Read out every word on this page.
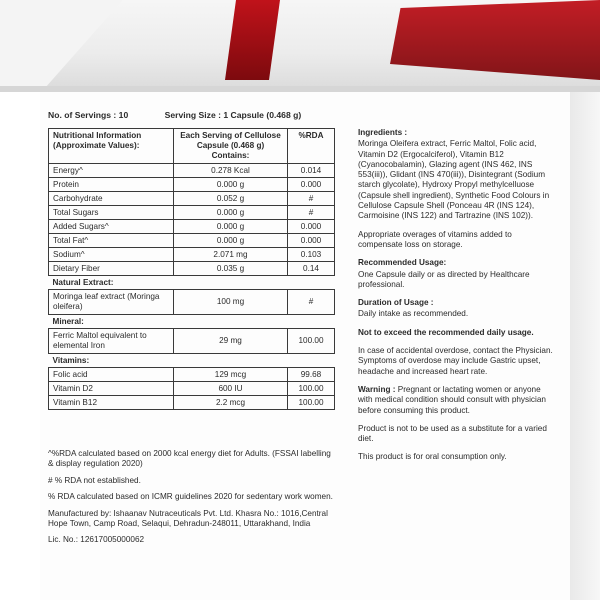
No. of Servings : 10	Serving Size : 1 Capsule (0.468 g)
Nutritional Information (Approximate Values):	Each Serving of Cellulose Capsule (0.468 g) Contains:	%RDA
Energy^	0.278 Kcal	0.014
Protein	0.000 g	0.000
Carbohydrate	0.052 g	#
Total Sugars	0.000 g	#
Added Sugars^	0.000 g	0.000
Total Fat^	0.000 g	0.000
Sodium^	2.071 mg	0.103
Dietary Fiber	0.035 g	0.14
Natural Extract:		
Moringa leaf extract (Moringa oleifera)	100 mg	#
Mineral:		
Ferric Maltol equivalent to elemental Iron	29 mg	100.00
Vitamins:		
Folic acid	129 mcg	99.68
Vitamin D2	600 IU	100.00
Vitamin B12	2.2 mcg	100.00

^%RDA calculated based on 2000 kcal energy diet for Adults. (FSSAI labelling & display regulation 2020)

# % RDA not established.

% RDA calculated based on ICMR guidelines 2020 for sedentary work women.

Manufactured by: Ishaanav Nutraceuticals Pvt. Ltd. Khasra No.: 1016,Central Hope Town, Camp Road, Selaqui, Dehradun-248011, Uttarakhand, India

Lic. No.: 12617005000062

Ingredients :

Moringa Oleifera extract, Ferric Maltol, Folic acid, Vitamin D2 (Ergocalciferol), Vitamin B12 (Cyanocobalamin), Glazing agent (INS 462, INS 553(iii)), Glidant (INS 470(iii)), Disintegrant (Sodium starch glycolate), Hydroxy Propyl methylcelluose (Capsule shell ingredient), Synthetic Food Colours in Cellulose Capsule Shell (Ponceau 4R (INS 124), Carmoisine (INS 122) and Tartrazine (INS 102)).

Appropriate overages of vitamins added to compensate loss on storage.

Recommended Usage:

One Capsule daily or as directed by Healthcare professional.

Duration of Usage :

Daily intake as recommended.

Not to exceed the recommended daily usage.

In case of accidental overdose, contact the Physician. Symptoms of overdose may include Gastric upset, headache and increased heart rate.

Warning : Pregnant or lactating women or anyone with medical condition should consult with physician before consuming this product.

Product is not to be used as a substitute for a varied diet.

This product is for oral consumption only.
